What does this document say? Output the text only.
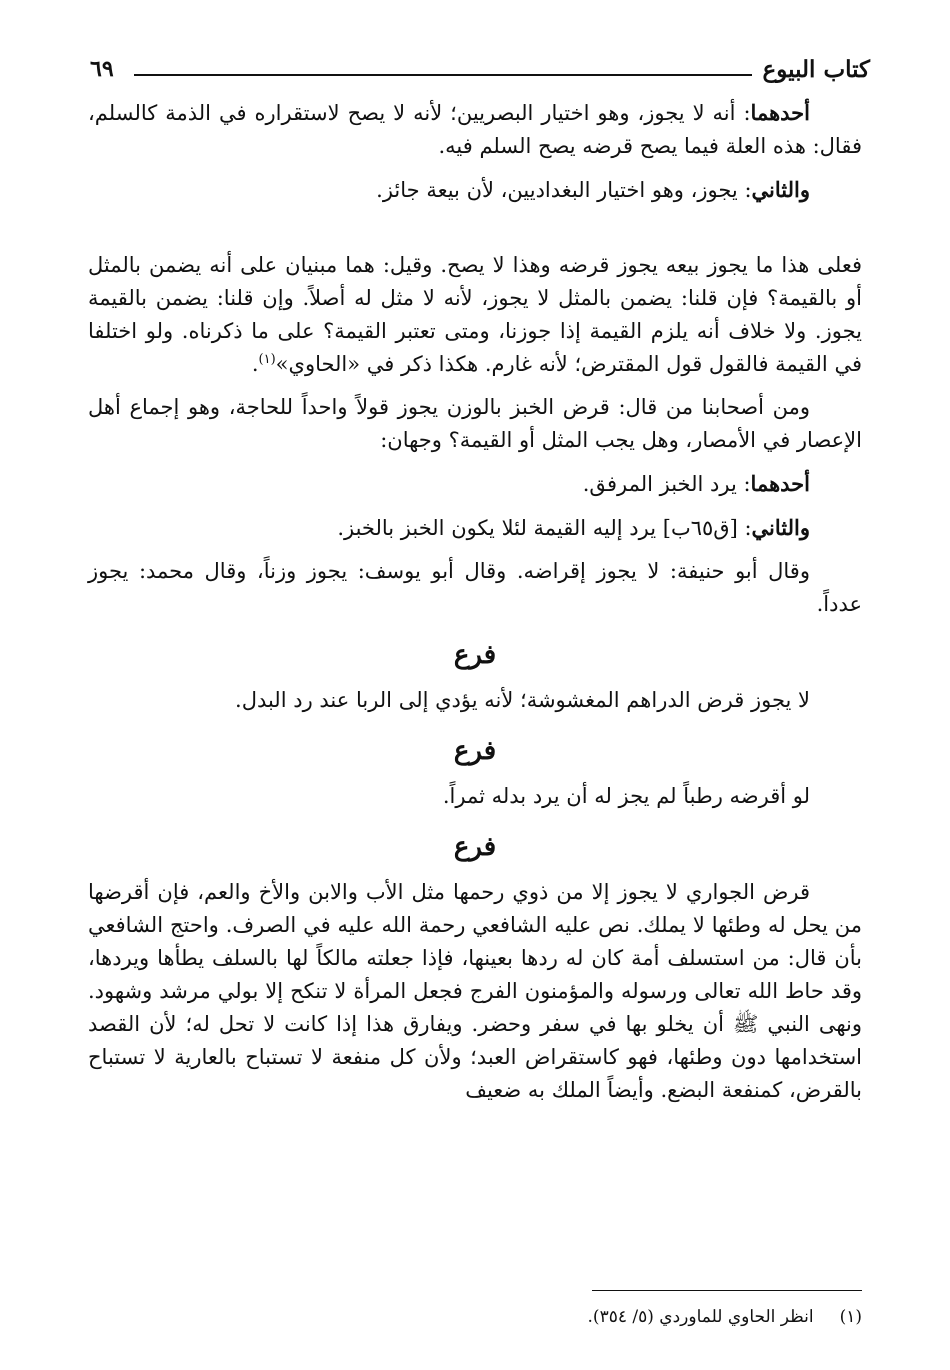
كتاب البيوع
٦٩

أحدهما: أنه لا يجوز، وهو اختيار البصريين؛ لأنه لا يصح لاستقراره في الذمة كالسلم، فقال: هذه العلة فيما يصح قرضه يصح السلم فيه.

والثاني: يجوز، وهو اختيار البغداديين، لأن بيعة جائز.

فعلى هذا ما يجوز بيعه يجوز قرضه وهذا لا يصح. وقيل: هما مبنيان على أنه يضمن بالمثل أو بالقيمة؟ فإن قلنا: يضمن بالمثل لا يجوز، لأنه لا مثل له أصلاً. وإن قلنا: يضمن بالقيمة يجوز. ولا خلاف أنه يلزم القيمة إذا جوزنا، ومتى تعتبر القيمة؟ على ما ذكرناه. ولو اختلفا في القيمة فالقول قول المقترض؛ لأنه غارم. هكذا ذكر في «الحاوي»$^{(١)}$.

ومن أصحابنا من قال: قرض الخبز بالوزن يجوز قولاً واحداً للحاجة، وهو إجماع أهل الإعصار في الأمصار، وهل يجب المثل أو القيمة؟ وجهان:

أحدهما: يرد الخبز المرفق.

والثاني: [ق٦٥ب] يرد إليه القيمة لئلا يكون الخبز بالخبز.

وقال أبو حنيفة: لا يجوز إقراضه. وقال أبو يوسف: يجوز وزناً، وقال محمد: يجوز عدداً.

فرع

لا يجوز قرض الدراهم المغشوشة؛ لأنه يؤدي إلى الربا عند رد البدل.

فرع

لو أقرضه رطباً لم يجز له أن يرد بدله ثمراً.

فرع

قرض الجواري لا يجوز إلا من ذوي رحمها مثل الأب والابن والأخ والعم، فإن أقرضها من يحل له وطئها لا يملك. نص عليه الشافعي رحمة الله عليه في الصرف. واحتج الشافعي بأن قال: من استسلف أمة كان له ردها بعينها، فإذا جعلته مالكاً لها بالسلف يطأها ويردها، وقد حاط الله تعالى ورسوله والمؤمنون الفرج فجعل المرأة لا تنكح إلا بولي مرشد وشهود. ونهى النبي ﷺ أن يخلو بها في سفر وحضر. ويفارق هذا إذا كانت لا تحل له؛ لأن القصد استخدامها دون وطئها، فهو كاستقراض العبد؛ ولأن كل منفعة لا تستباح بالعارية لا تستباح بالقرض، كمنفعة البضع. وأيضاً الملك به ضعيف

(١)انظر الحاوي للماوردي (٥/ ٣٥٤).
